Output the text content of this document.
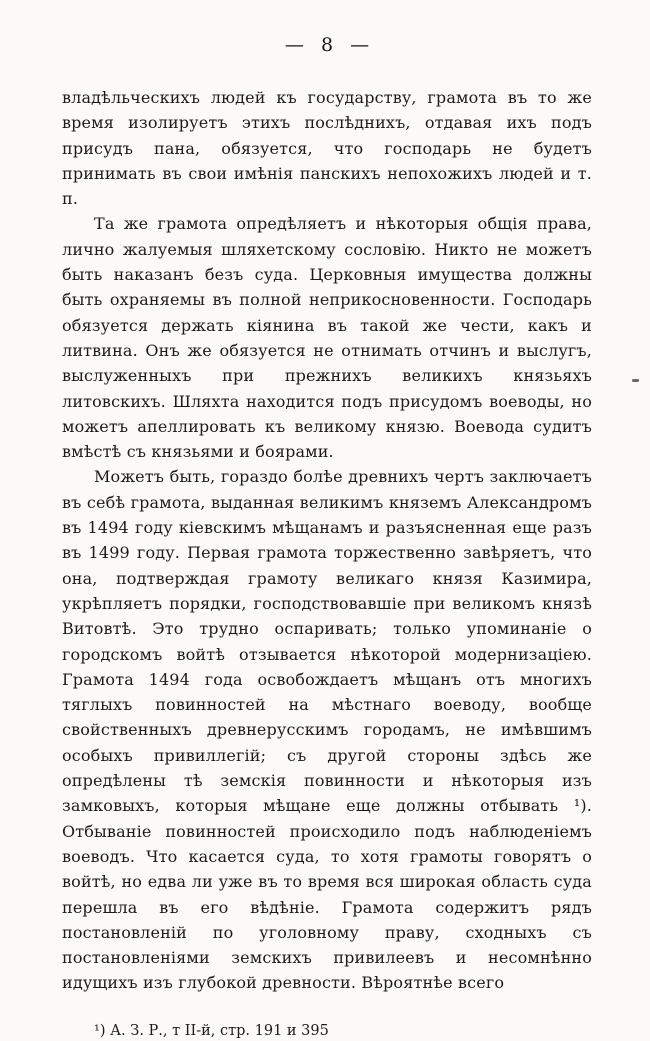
— 8 —

владѣльческихъ людей къ государству, грамота въ то же время изолируетъ этихъ послѣднихъ, отдавая ихъ подъ присудъ пана, обязуется, что господарь не будетъ принимать въ свои имѣнія панскихъ непохожихъ людей и т. п.

Та же грамота опредѣляетъ и нѣкоторыя общія права, лично жалуемыя шляхетскому сословію. Никто не можетъ быть наказанъ безъ суда. Церковныя имущества должны быть охраняемы въ полной неприкосновенности. Господарь обязуется держать кіянина въ такой же чести, какъ и литвина. Онъ же обязуется не отнимать отчинъ и выслугъ, выслуженныхъ при прежнихъ великихъ князьяхъ литовскихъ. Шляхта находится подъ присудомъ воеводы, но можетъ апеллировать къ великому князю. Воевода судитъ вмѣстѣ съ князьями и боярами.

Можетъ быть, гораздо болѣе древнихъ чертъ заключаетъ въ себѣ грамота, выданная великимъ княземъ Александромъ въ 1494 году кіевскимъ мѣщанамъ и разъясненная еще разъ въ 1499 году. Первая грамота торжественно завѣряетъ, что она, подтверждая грамоту великаго князя Казимира, укрѣпляетъ порядки, господствовавшіе при великомъ князѣ Витовтѣ. Это трудно оспаривать; только упоминаніе о городскомъ войтѣ отзывается нѣкоторой модернизаціею. Грамота 1494 года освобождаетъ мѣщанъ отъ многихъ тяглыхъ повинностей на мѣстнаго воеводу, вообще свойственныхъ древнерусскимъ городамъ, не имѣвшимъ особыхъ привиллегій; съ другой стороны здѣсь же опредѣлены тѣ земскія повинности и нѣкоторыя изъ замковыхъ, которыя мѣщане еще должны отбывать ¹). Отбываніе повинностей происходило подъ наблюденіемъ воеводъ. Что касается суда, то хотя грамоты говорятъ о войтѣ, но едва ли уже въ то время вся широкая область суда перешла въ его вѣдѣніе. Грамота содержитъ рядъ постановленій по уголовному праву, сходныхъ съ постановленіями земскихъ привилеевъ и несомнѣнно идущихъ изъ глубокой древности. Вѣроятнѣе всего

¹) А. З. Р., т II-й, стр. 191 и 395
